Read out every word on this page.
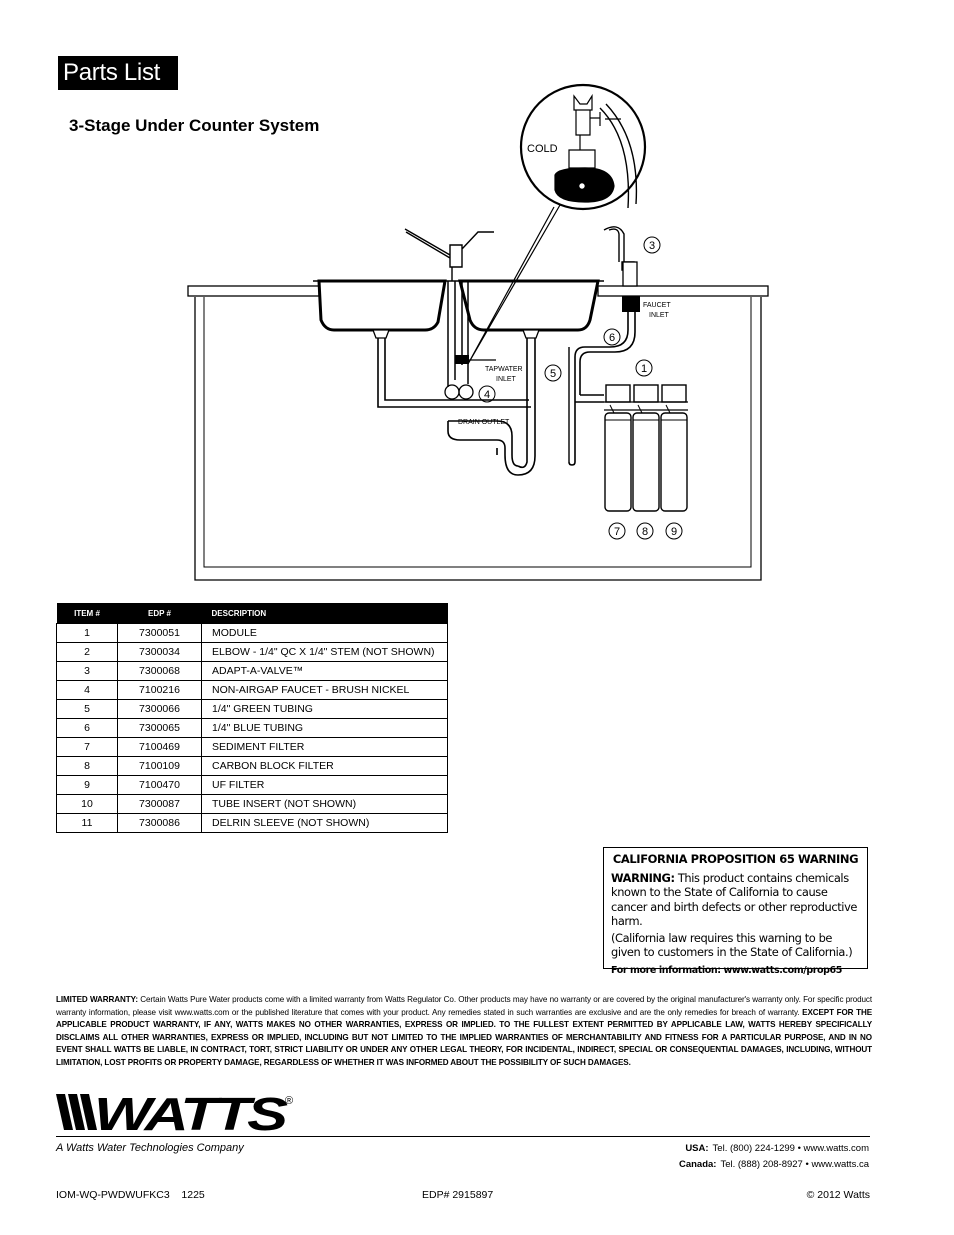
Parts List
3-Stage Under Counter System
DRAIN OUTLET
TAPWATER
INLET
COLD
FAUCET
INLET
3
6
1
5
4
7 8 9
ITEM #	EDP #	DESCRIPTION
1	7300051	MODULE
2	7300034	ELBOW - 1/4" QC X 1/4" STEM (NOT SHOWN)
3	7300068	ADAPT-A-VALVE™
4	7100216	NON-AIRGAP FAUCET - BRUSH NICKEL
5	7300066	1/4" GREEN TUBING
6	7300065	1/4" BLUE TUBING
7	7100469	SEDIMENT FILTER
8	7100109	CARBON BLOCK FILTER
9	7100470	UF FILTER
10	7300087	TUBE INSERT (NOT SHOWN)
11	7300086	DELRIN SLEEVE (NOT SHOWN)
CALIFORNIA PROPOSITION 65 WARNING
WARNING: This product contains chemicals known to the State of California to cause cancer and birth defects or other reproductive harm.
(California law requires this warning to be given to customers in the State of California.)
For more information: www.watts.com/prop65
LIMITED WARRANTY: Certain Watts Pure Water products come with a limited warranty from Watts Regulator Co. Other products may have no warranty or are covered by the original manufacturer's warranty only. For specific product warranty information, please visit www.watts.com or the published literature that comes with your product. Any remedies stated in such warranties are exclusive and are the only remedies for breach of warranty. EXCEPT FOR THE APPLICABLE PRODUCT WARRANTY, IF ANY, WATTS MAKES NO OTHER WARRANTIES, EXPRESS OR IMPLIED. TO THE FULLEST EXTENT PERMITTED BY APPLICABLE LAW, WATTS HEREBY SPECIFICALLY DISCLAIMS ALL OTHER WARRANTIES, EXPRESS OR IMPLIED, INCLUDING BUT NOT LIMITED TO THE IMPLIED WARRANTIES OF MERCHANTABILITY AND FITNESS FOR A PARTICULAR PURPOSE, AND IN NO EVENT SHALL WATTS BE LIABLE, IN CONTRACT, TORT, STRICT LIABILITY OR UNDER ANY OTHER LEGAL THEORY, FOR INCIDENTAL, INDIRECT, SPECIAL OR CONSEQUENTIAL DAMAGES, INCLUDING, WITHOUT LIMITATION, LOST PROFITS OR PROPERTY DAMAGE, REGARDLESS OF WHETHER IT WAS INFORMED ABOUT THE POSSIBILITY OF SUCH DAMAGES.
WATTS
®
A Watts Water Technologies Company	USA: Tel. (800) 224-1299 • www.watts.com
Canada: Tel. (888) 208-8927 • www.watts.ca
IOM-WQ-PWDWUFKC3    1225	EDP# 2915897	© 2012 Watts
